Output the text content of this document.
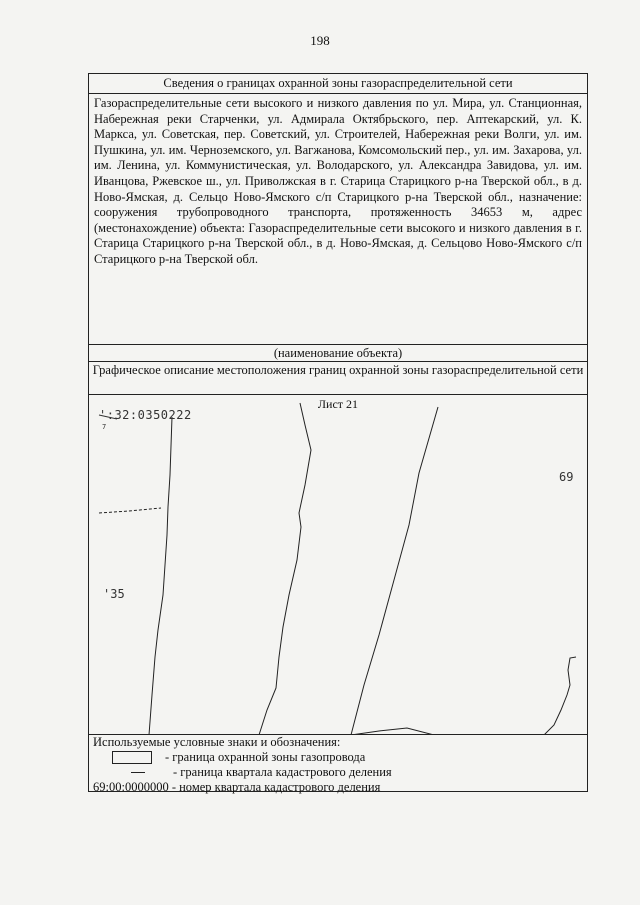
198
Сведения о границах охранной зоны газораспределительной сети
Газораспределительные сети высокого и низкого давления по ул. Мира, ул. Станционная, Набережная реки Старченки, ул. Адмирала Октябрьского, пер. Аптекарский, ул. К. Маркса, ул. Советская, пер. Советский, ул. Строителей, Набережная реки Волги, ул. им. Пушкина, ул. им. Черноземского, ул. Вагжанова, Комсомольский пер., ул. им. Захарова, ул. им. Ленина, ул. Коммунистическая, ул. Володарского, ул. Александра Завидова, ул. им. Иванцова, Ржевское ш., ул. Приволжская в г. Старица Старицкого р-на Тверской обл., в д. Ново-Ямская, д. Сельцо Ново-Ямского с/п Старицкого р-на Тверской обл., назначение: сооружения трубопроводного транспорта, протяженность 34653 м, адрес (местонахождение) объекта: Газораспределительные сети высокого и низкого давления в г. Старица Старицкого р-на Тверской обл., в д. Ново-Ямская, д. Сельцово Ново-Ямского с/п Старицкого р-на Тверской обл.
(наименование объекта)
Графическое описание местоположения границ охранной зоны газораспределительной сети
Лист 21
':32:0350222
7
69
'35
Используемые условные знаки и обозначения:
- граница охранной зоны газопровода
- граница квартала кадастрового деления
69:00:0000000 - номер квартала кадастрового деления
